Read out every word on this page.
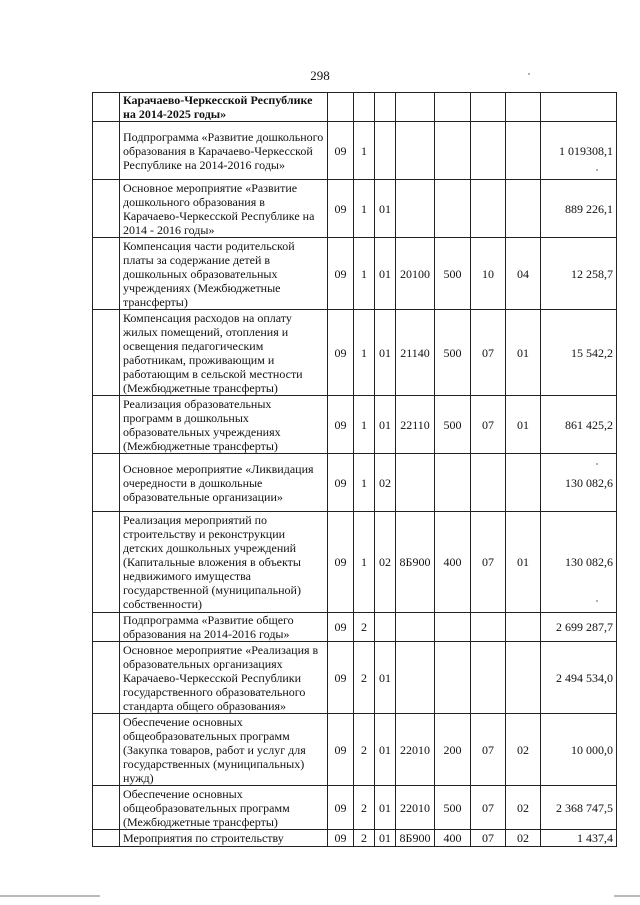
298
	Карачаево-Черкесской Республике на 2014-2025 годы»								
	Подпрограмма «Развитие дошкольного образования в Карачаево-Черкесской Республике на 2014-2016 годы»	09	1						1 019308,1
	Основное мероприятие «Развитие дошкольного образования в Карачаево-Черкесской Республике на 2014 - 2016 годы»	09	1	01					889 226,1
	Компенсация части родительской платы за содержание детей в дошкольных образовательных учреждениях (Межбюджетные трансферты)	09	1	01	20100	500	10	04	12 258,7
	Компенсация расходов на оплату жилых помещений, отопления и освещения педагогическим работникам, проживающим и работающим в сельской местности (Межбюджетные трансферты)	09	1	01	21140	500	07	01	15 542,2
	Реализация образовательных программ в дошкольных образовательных учреждениях (Межбюджетные трансферты)	09	1	01	22110	500	07	01	861 425,2
	Основное мероприятие «Ликвидация очередности в дошкольные образовательные организации»	09	1	02					130 082,6
	Реализация мероприятий по строительству и реконструкции детских дошкольных учреждений (Капитальные вложения в объекты недвижимого имущества государственной (муниципальной) собственности)	09	1	02	8Б900	400	07	01	130 082,6
	Подпрограмма «Развитие общего образования на 2014-2016 годы»	09	2						2 699 287,7
	Основное мероприятие «Реализация в образовательных организациях Карачаево-Черкесской Республики государственного образовательного стандарта общего образования»	09	2	01					2 494 534,0
	Обеспечение основных общеобразовательных программ (Закупка товаров, работ и услуг для государственных (муниципальных) нужд)	09	2	01	22010	200	07	02	10 000,0
	Обеспечение основных общеобразовательных программ (Межбюджетные трансферты)	09	2	01	22010	500	07	02	2 368 747,5
	Мероприятия по строительству	09	2	01	8Б900	400	07	02	1 437,4
